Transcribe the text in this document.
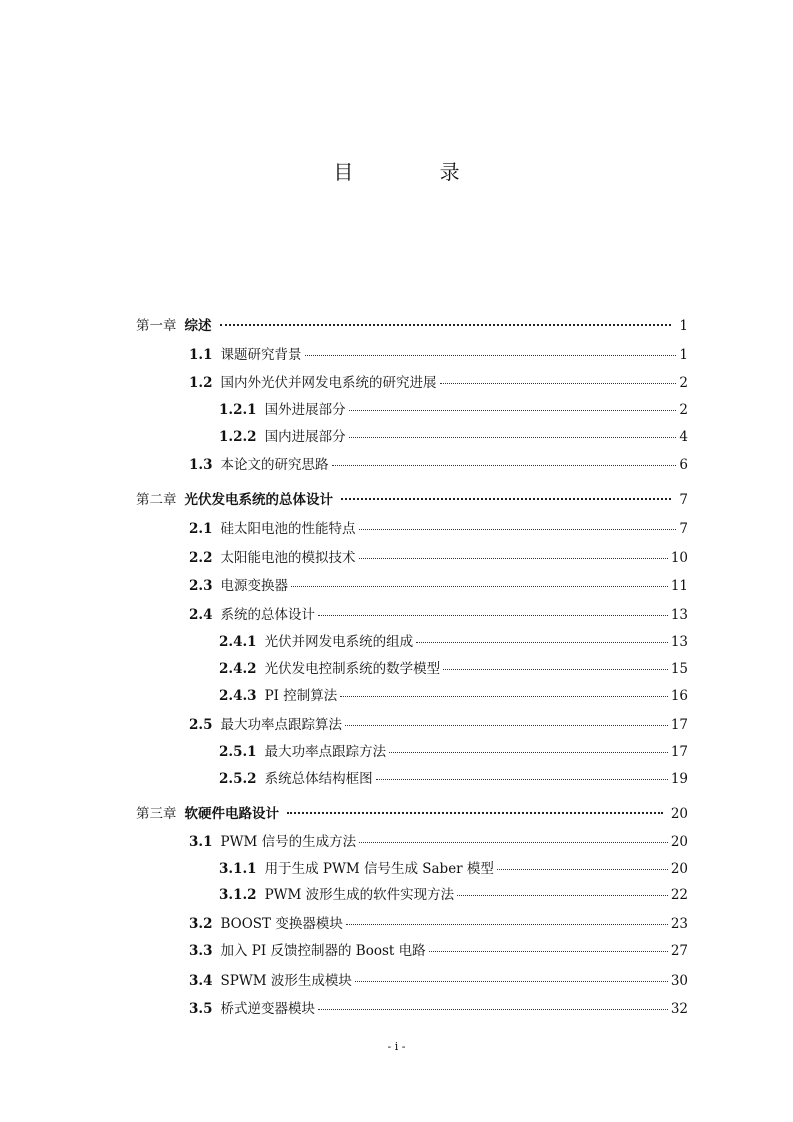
目 录
第一章 综述	1
1.1 课题研究背景	1
1.2 国内外光伏并网发电系统的研究进展	2
1.2.1 国外进展部分	2
1.2.2 国内进展部分	4
1.3 本论文的研究思路	6
第二章 光伏发电系统的总体设计	7
2.1 硅太阳电池的性能特点	7
2.2 太阳能电池的模拟技术	10
2.3 电源变换器	11
2.4 系统的总体设计	13
2.4.1 光伏并网发电系统的组成	13
2.4.2 光伏发电控制系统的数学模型	15
2.4.3 PI 控制算法	16
2.5 最大功率点跟踪算法	17
2.5.1 最大功率点跟踪方法	17
2.5.2 系统总体结构框图	19
第三章 软硬件电路设计	20
3.1 PWM 信号的生成方法	20
3.1.1 用于生成 PWM 信号生成 Saber 模型	20
3.1.2 PWM 波形生成的软件实现方法	22
3.2 BOOST 变换器模块	23
3.3 加入 PI 反馈控制器的 Boost 电路	27
3.4 SPWM 波形生成模块	30
3.5 桥式逆变器模块	32
- i -
